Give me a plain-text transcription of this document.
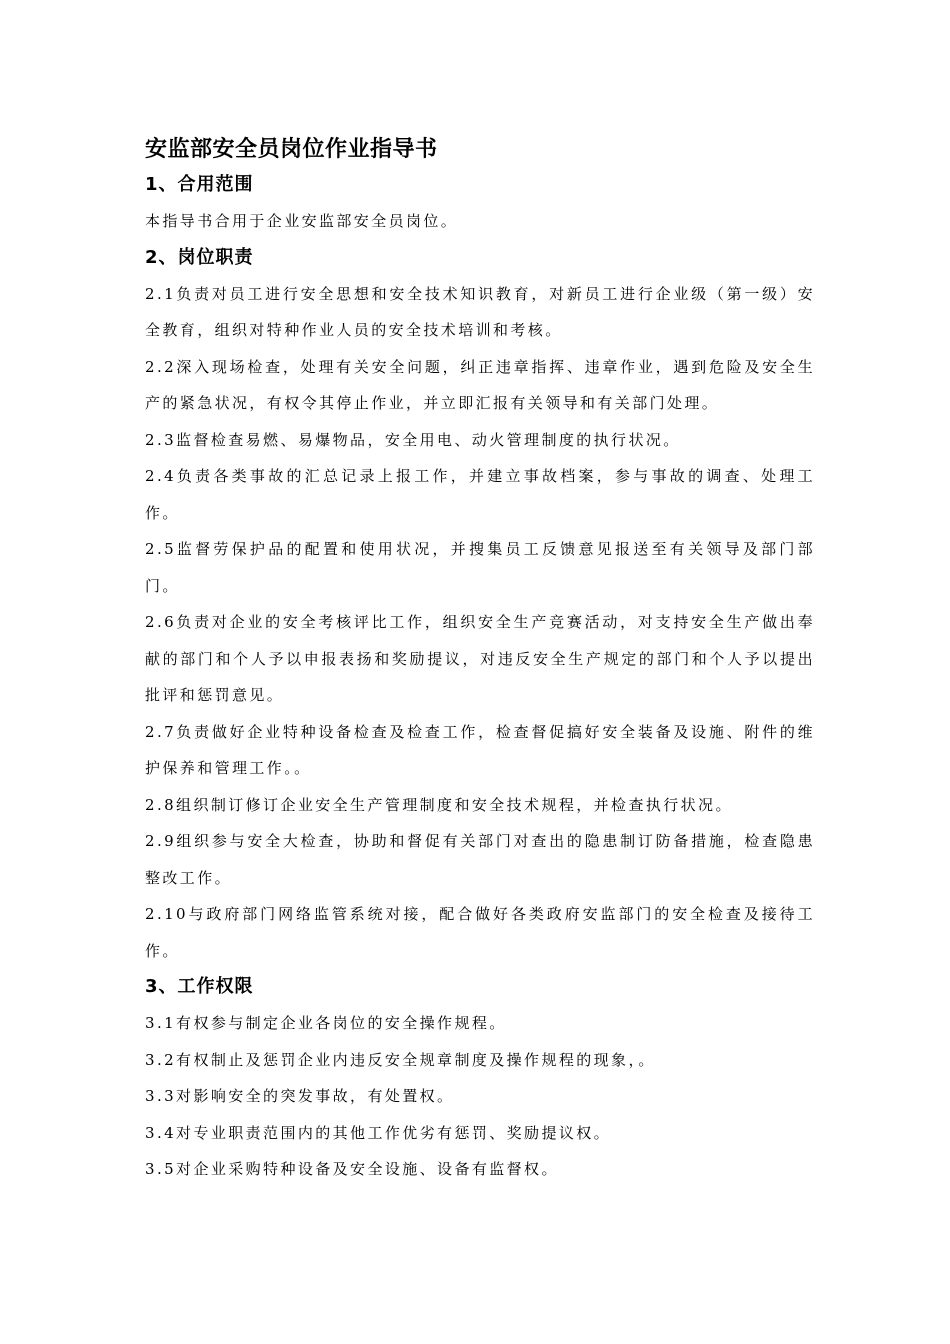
安监部安全员岗位作业指导书
1、合用范围

本指导书合用于企业安监部安全员岗位。

2、岗位职责

2.1负责对员工进行安全思想和安全技术知识教育，对新员工进行企业级（第一级）安全教育，组织对特种作业人员的安全技术培训和考核。

2.2深入现场检查，处理有关安全问题，纠正违章指挥、违章作业，遇到危险及安全生产的紧急状况，有权令其停止作业，并立即汇报有关领导和有关部门处理。

2.3监督检查易燃、易爆物品，安全用电、动火管理制度的执行状况。

2.4负责各类事故的汇总记录上报工作，并建立事故档案，参与事故的调查、处理工作。

2.5监督劳保护品的配置和使用状况，并搜集员工反馈意见报送至有关领导及部门部门。

2.6负责对企业的安全考核评比工作，组织安全生产竞赛活动，对支持安全生产做出奉献的部门和个人予以申报表扬和奖励提议，对违反安全生产规定的部门和个人予以提出批评和惩罚意见。

2.7负责做好企业特种设备检查及检查工作，检查督促搞好安全装备及设施、附件的维护保养和管理工作。。

2.8组织制订修订企业安全生产管理制度和安全技术规程，并检查执行状况。

2.9组织参与安全大检查，协助和督促有关部门对查出的隐患制订防备措施，检查隐患整改工作。

2.10与政府部门网络监管系统对接，配合做好各类政府安监部门的安全检查及接待工作。

3、工作权限

3.1有权参与制定企业各岗位的安全操作规程。

3.2有权制止及惩罚企业内违反安全规章制度及操作规程的现象，。

3.3对影响安全的突发事故，有处置权。

3.4对专业职责范围内的其他工作优劣有惩罚、奖励提议权。

3.5对企业采购特种设备及安全设施、设备有监督权。
